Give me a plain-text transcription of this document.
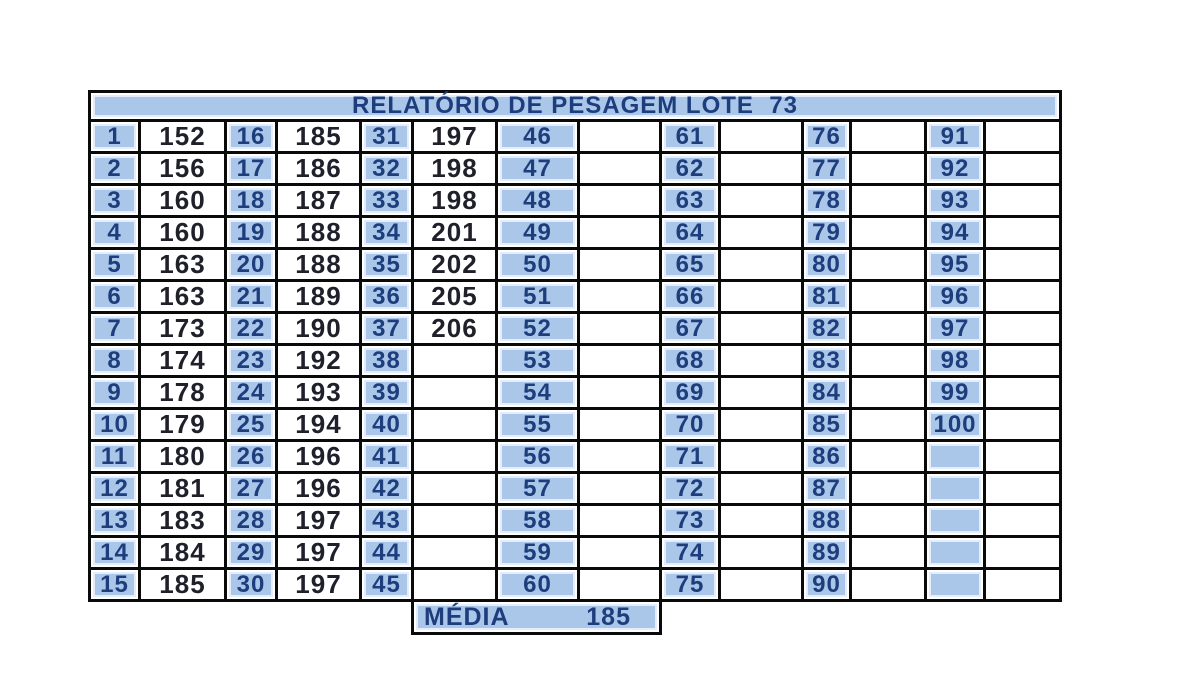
RELATÓRIO DE PESAGEM LOTE  73													

1	152	16	185	31	197	46		61		76		91	

2	156	17	186	32	198	47		62		77		92	

3	160	18	187	33	198	48		63		78		93	

4	160	19	188	34	201	49		64		79		94	

5	163	20	188	35	202	50		65		80		95	

6	163	21	189	36	205	51		66		81		96	

7	173	22	190	37	206	52		67		82		97	

8	174	23	192	38		53		68		83		98	

9	178	24	193	39		54		69		84		99	

10	179	25	194	40		55		70		85		100	

11	180	26	196	41		56		71		86			

12	181	27	196	42		57		72		87			

13	183	28	197	43		58		73		88			

14	184	29	197	44		59		74		89			

15	185	30	197	45		60		75		90			

					MÉDIA 185								
